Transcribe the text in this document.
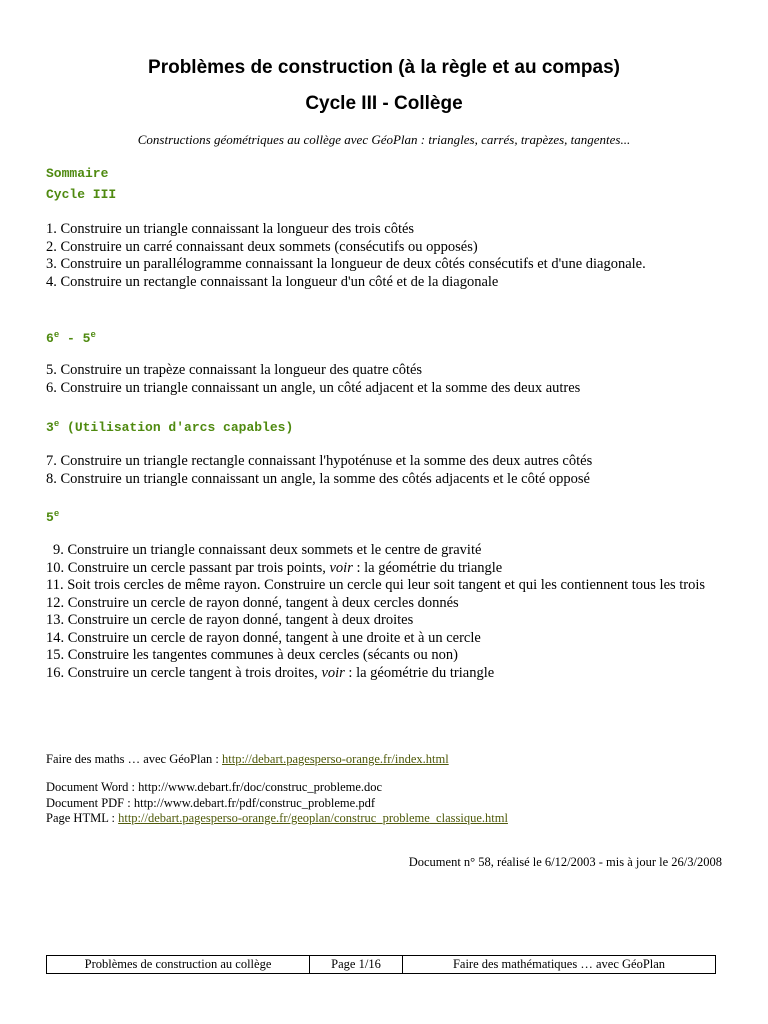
Problèmes de construction (à la règle et au compas)
Cycle III - Collège
Constructions géométriques au collège avec GéoPlan : triangles, carrés, trapèzes, tangentes...
Sommaire
Cycle III
1. Construire un triangle connaissant la longueur des trois côtés
2. Construire un carré connaissant deux sommets (consécutifs ou opposés)
3. Construire un parallélogramme connaissant la longueur de deux côtés consécutifs et d'une diagonale.
4. Construire un rectangle connaissant la longueur d'un côté et de la diagonale
6e - 5e
5. Construire un trapèze connaissant la longueur des quatre côtés
6. Construire un triangle connaissant un angle, un côté adjacent et la somme des deux autres
3e (Utilisation d'arcs capables)
7. Construire un triangle rectangle connaissant l'hypoténuse et la somme des deux autres côtés
8. Construire un triangle connaissant un angle, la somme des côtés adjacents et le côté opposé
5e
9. Construire un triangle connaissant deux sommets et le centre de gravité
10. Construire un cercle passant par trois points, voir : la géométrie du triangle
11. Soit trois cercles de même rayon. Construire un cercle qui leur soit tangent et qui les contiennent tous les trois
12. Construire un cercle de rayon donné, tangent à deux cercles donnés
13. Construire un cercle de rayon donné, tangent à deux droites
14. Construire un cercle de rayon donné, tangent à une droite et à un cercle
15. Construire les tangentes communes à deux cercles (sécants ou non)
16. Construire un cercle tangent à trois droites, voir : la géométrie du triangle
Faire des maths … avec GéoPlan : http://debart.pagesperso-orange.fr/index.html
Document Word : http://www.debart.fr/doc/construc_probleme.doc
Document PDF : http://www.debart.fr/pdf/construc_probleme.pdf
Page HTML : http://debart.pagesperso-orange.fr/geoplan/construc_probleme_classique.html
Document n° 58, réalisé le 6/12/2003 - mis à jour le 26/3/2008
Problèmes de construction au collège	Page 1/16	Faire des mathématiques … avec GéoPlan
